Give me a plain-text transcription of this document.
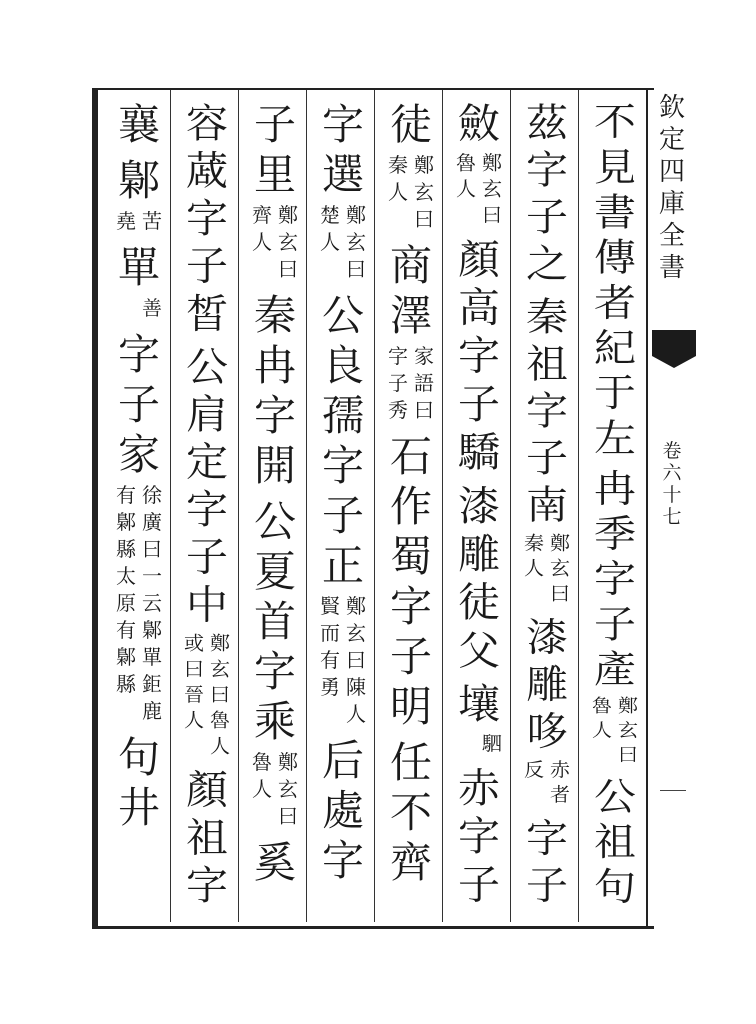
欽
定
四
庫
全
書
卷
六
十
七
不
見
書
傳
者
紀
于
左
冉
季
字
子
產
鄭
玄
曰
魯
人
公
祖
句
茲
字
子
之
秦
祖
字
子
南
鄭
玄
曰
秦
人
漆
雕
哆
赤
者
反
字
子
斂
鄭
玄
曰
魯
人
顏
高
字
子
驕
漆
雕
徒
父
壤
駟
赤
字
子
徒
鄭
玄
曰
秦
人
商
澤
家
語
曰
字
子
秀
石
作
蜀
字
子
明
任
不
齊
字
選
鄭
玄
曰
楚
人
公
良
孺
字
子
正
鄭
玄
曰
陳
人
賢
而
有
勇
后
處
字
子
里
鄭
玄
曰
齊
人
秦
冉
字
開
公
夏
首
字
乘
鄭
玄
曰
魯
人
奚
容
蒧
字
子
皙
公
肩
定
字
子
中
鄭
玄
曰
魯
人
或
曰
晉
人
顏
祖
字
襄
鄡
苦
堯
單
善
字
子
家
徐
廣
曰
一
云
鄡
單
鉅
鹿
有
鄡
縣
太
原
有
鄡
縣
句
井
